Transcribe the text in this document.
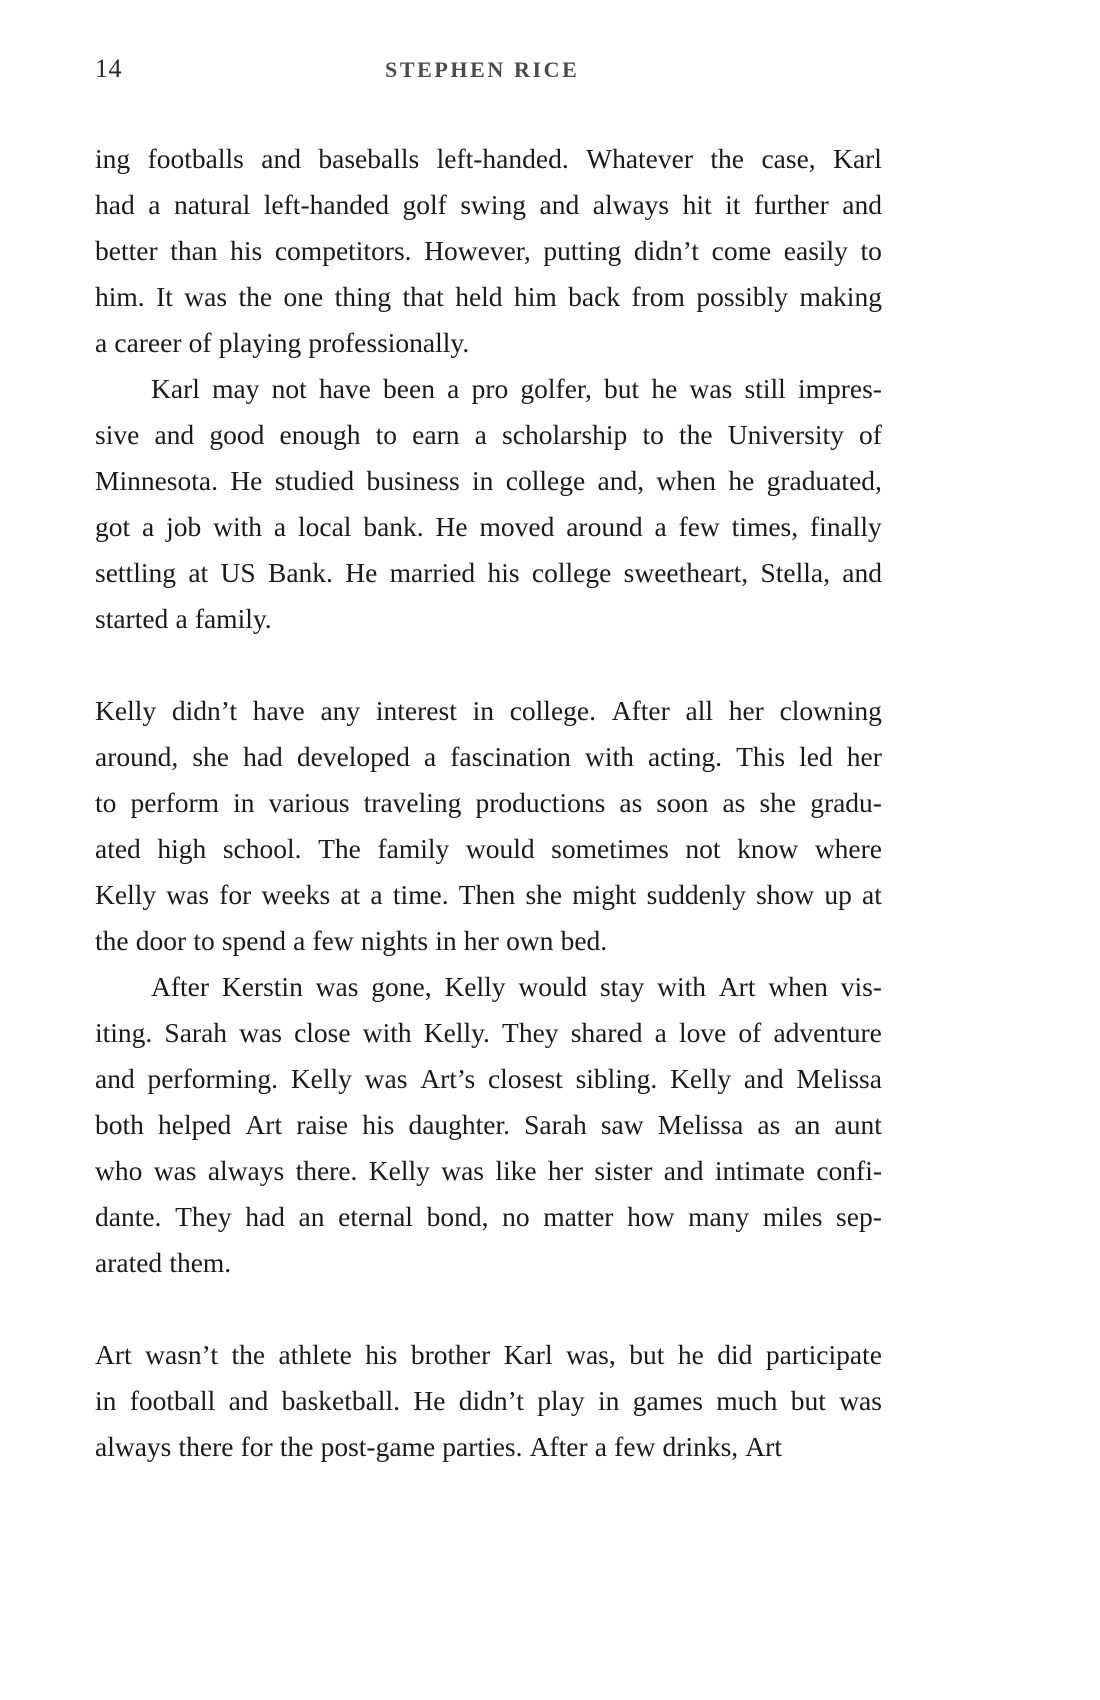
14	STEPHEN RICE
ing footballs and baseballs left-handed. Whatever the case, Karl
had a natural left-handed golf swing and always hit it further and
better than his competitors. However, putting didn’t come easily to
him. It was the one thing that held him back from possibly making
a career of playing professionally.
Karl may not have been a pro golfer, but he was still impres-
sive and good enough to earn a scholarship to the University of
Minnesota. He studied business in college and, when he graduated,
got a job with a local bank. He moved around a few times, finally
settling at US Bank. He married his college sweetheart, Stella, and
started a family.
Kelly didn’t have any interest in college. After all her clowning
around, she had developed a fascination with acting. This led her
to perform in various traveling productions as soon as she gradu-
ated high school. The family would sometimes not know where
Kelly was for weeks at a time. Then she might suddenly show up at
the door to spend a few nights in her own bed.
After Kerstin was gone, Kelly would stay with Art when vis-
iting. Sarah was close with Kelly. They shared a love of adventure
and performing. Kelly was Art’s closest sibling. Kelly and Melissa
both helped Art raise his daughter. Sarah saw Melissa as an aunt
who was always there. Kelly was like her sister and intimate confi-
dante. They had an eternal bond, no matter how many miles sep-
arated them.
Art wasn’t the athlete his brother Karl was, but he did participate
in football and basketball. He didn’t play in games much but was
always there for the post-game parties. After a few drinks, Art
